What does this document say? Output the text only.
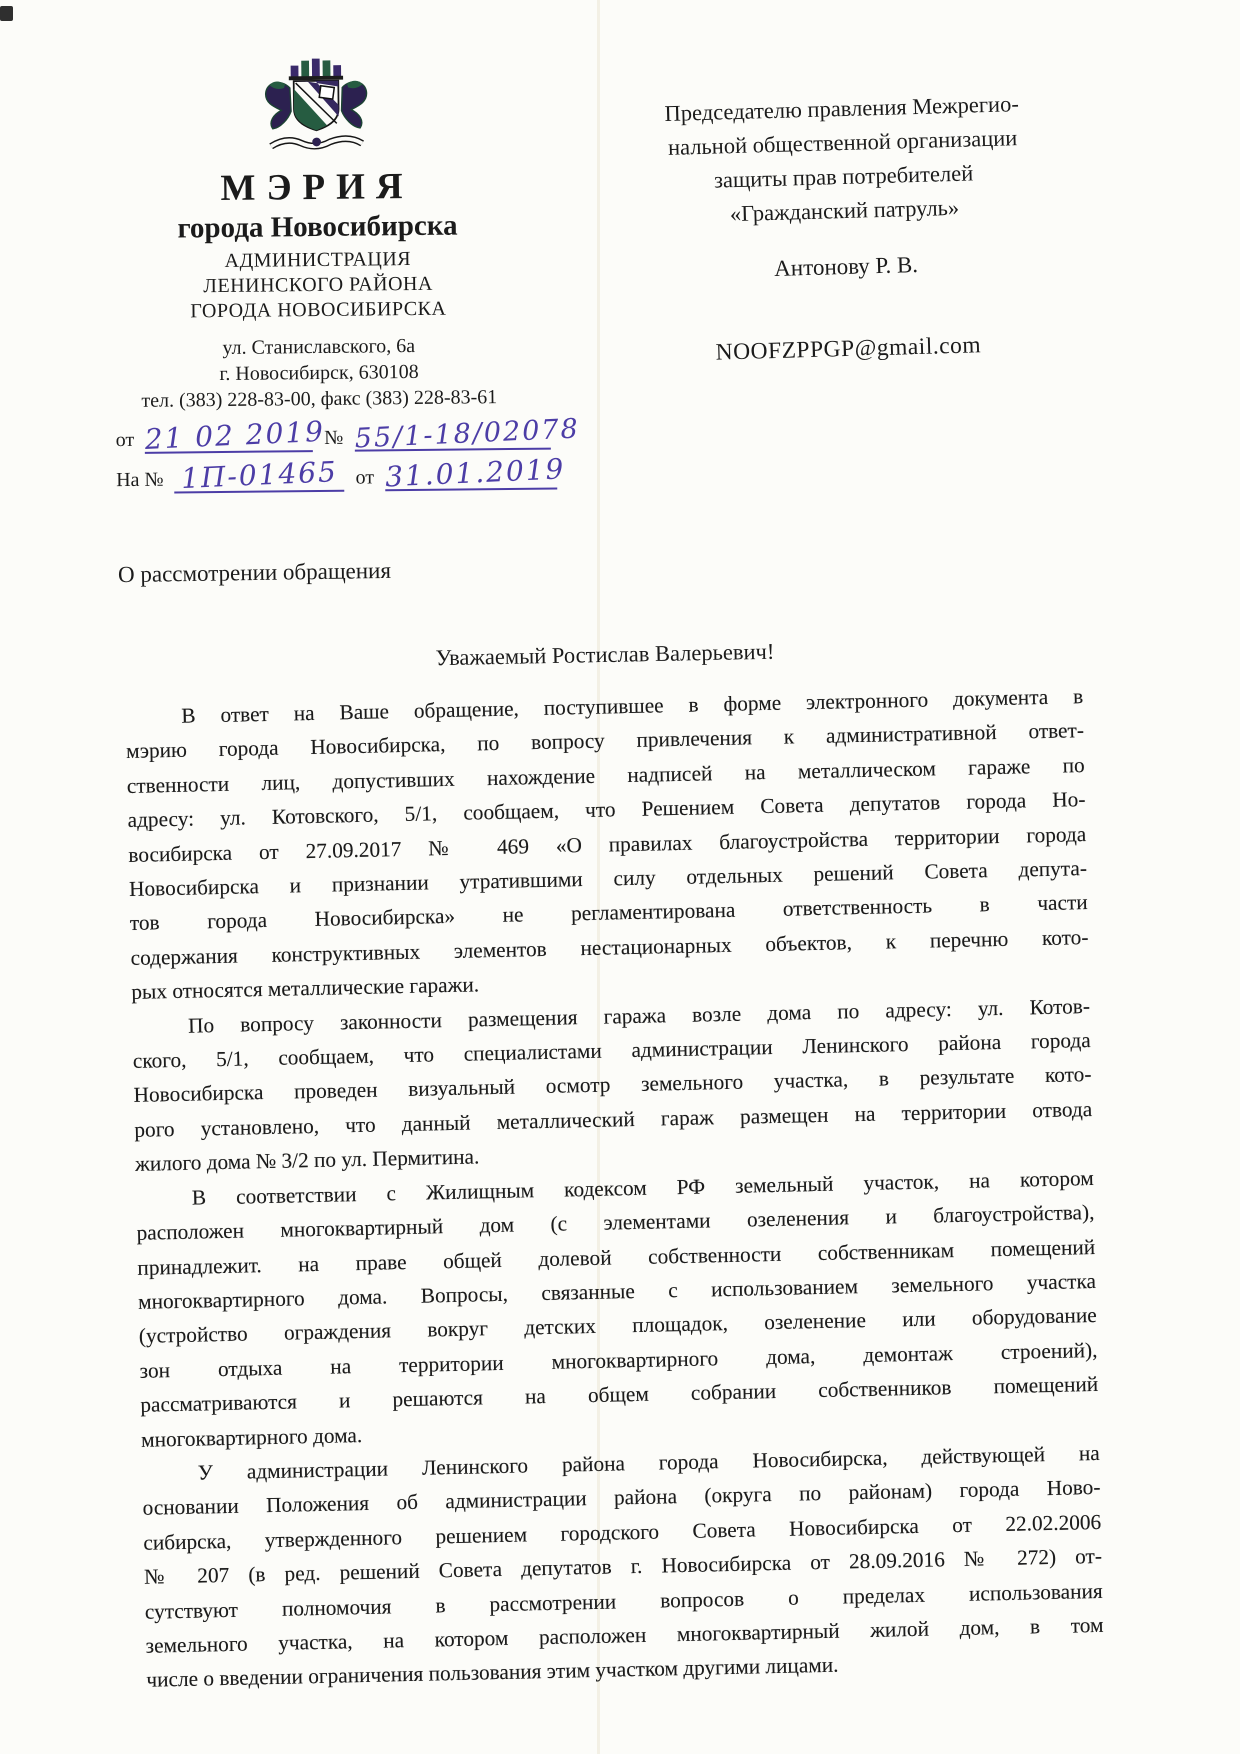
МЭРИЯ
города Новосибирска
АДМИНИСТРАЦИЯ
ЛЕНИНСКОГО РАЙОНА
ГОРОДА НОВОСИБИРСКА
ул. Станиславского, 6а
г. Новосибирск, 630108
тел. (383) 228-83-00, факс (383) 228-83-61
от 21 02 2019 № 55/1-18/02078
На № 1П-01465 от 31.01.2019
Председателю правления Межрегио-
нальной общественной организации
защиты прав потребителей
«Гражданский патруль»
Антонову Р. В.
NOOFZPPGP@gmail.com
О рассмотрении обращения
Уважаемый Ростислав Валерьевич!
В ответ на Ваше обращение, поступившее в форме электронного документа в
мэрию города Новосибирска, по вопросу привлечения к административной ответ-
ственности лиц, допустивших нахождение надписей на металлическом гараже по
адресу: ул. Котовского, 5/1, сообщаем, что Решением Совета депутатов города Но-
восибирска от 27.09.2017 № 469 «О правилах благоустройства территории города
Новосибирска и признании утратившими силу отдельных решений Совета депута-
тов города Новосибирска» не регламентирована ответственность в части
содержания конструктивных элементов нестационарных объектов, к перечню кото-
рых относятся металлические гаражи.
По вопросу законности размещения гаража возле дома по адресу: ул. Котов-
ского, 5/1, сообщаем, что специалистами администрации Ленинского района города
Новосибирска проведен визуальный осмотр земельного участка, в результате кото-
рого установлено, что данный металлический гараж размещен на территории отвода
жилого дома № 3/2 по ул. Пермитина.
В соответствии с Жилищным кодексом РФ земельный участок, на котором
расположен многоквартирный дом (с элементами озеленения и благоустройства),
принадлежит. на праве общей долевой собственности собственникам помещений
многоквартирного дома. Вопросы, связанные с использованием земельного участка
(устройство ограждения вокруг детских площадок, озеленение или оборудование
зон отдыха на территории многоквартирного дома, демонтаж строений),
рассматриваются и решаются на общем собрании собственников помещений
многоквартирного дома.
У администрации Ленинского района города Новосибирска, действующей на
основании Положения об администрации района (округа по районам) города Ново-
сибирска, утвержденного решением городского Совета Новосибирска от 22.02.2006
№ 207 (в ред. решений Совета депутатов г. Новосибирска от 28.09.2016 № 272) от-
сутствуют полномочия в рассмотрении вопросов о пределах использования
земельного участка, на котором расположен многоквартирный жилой дом, в том
числе о введении ограничения пользования этим участком другими лицами.
